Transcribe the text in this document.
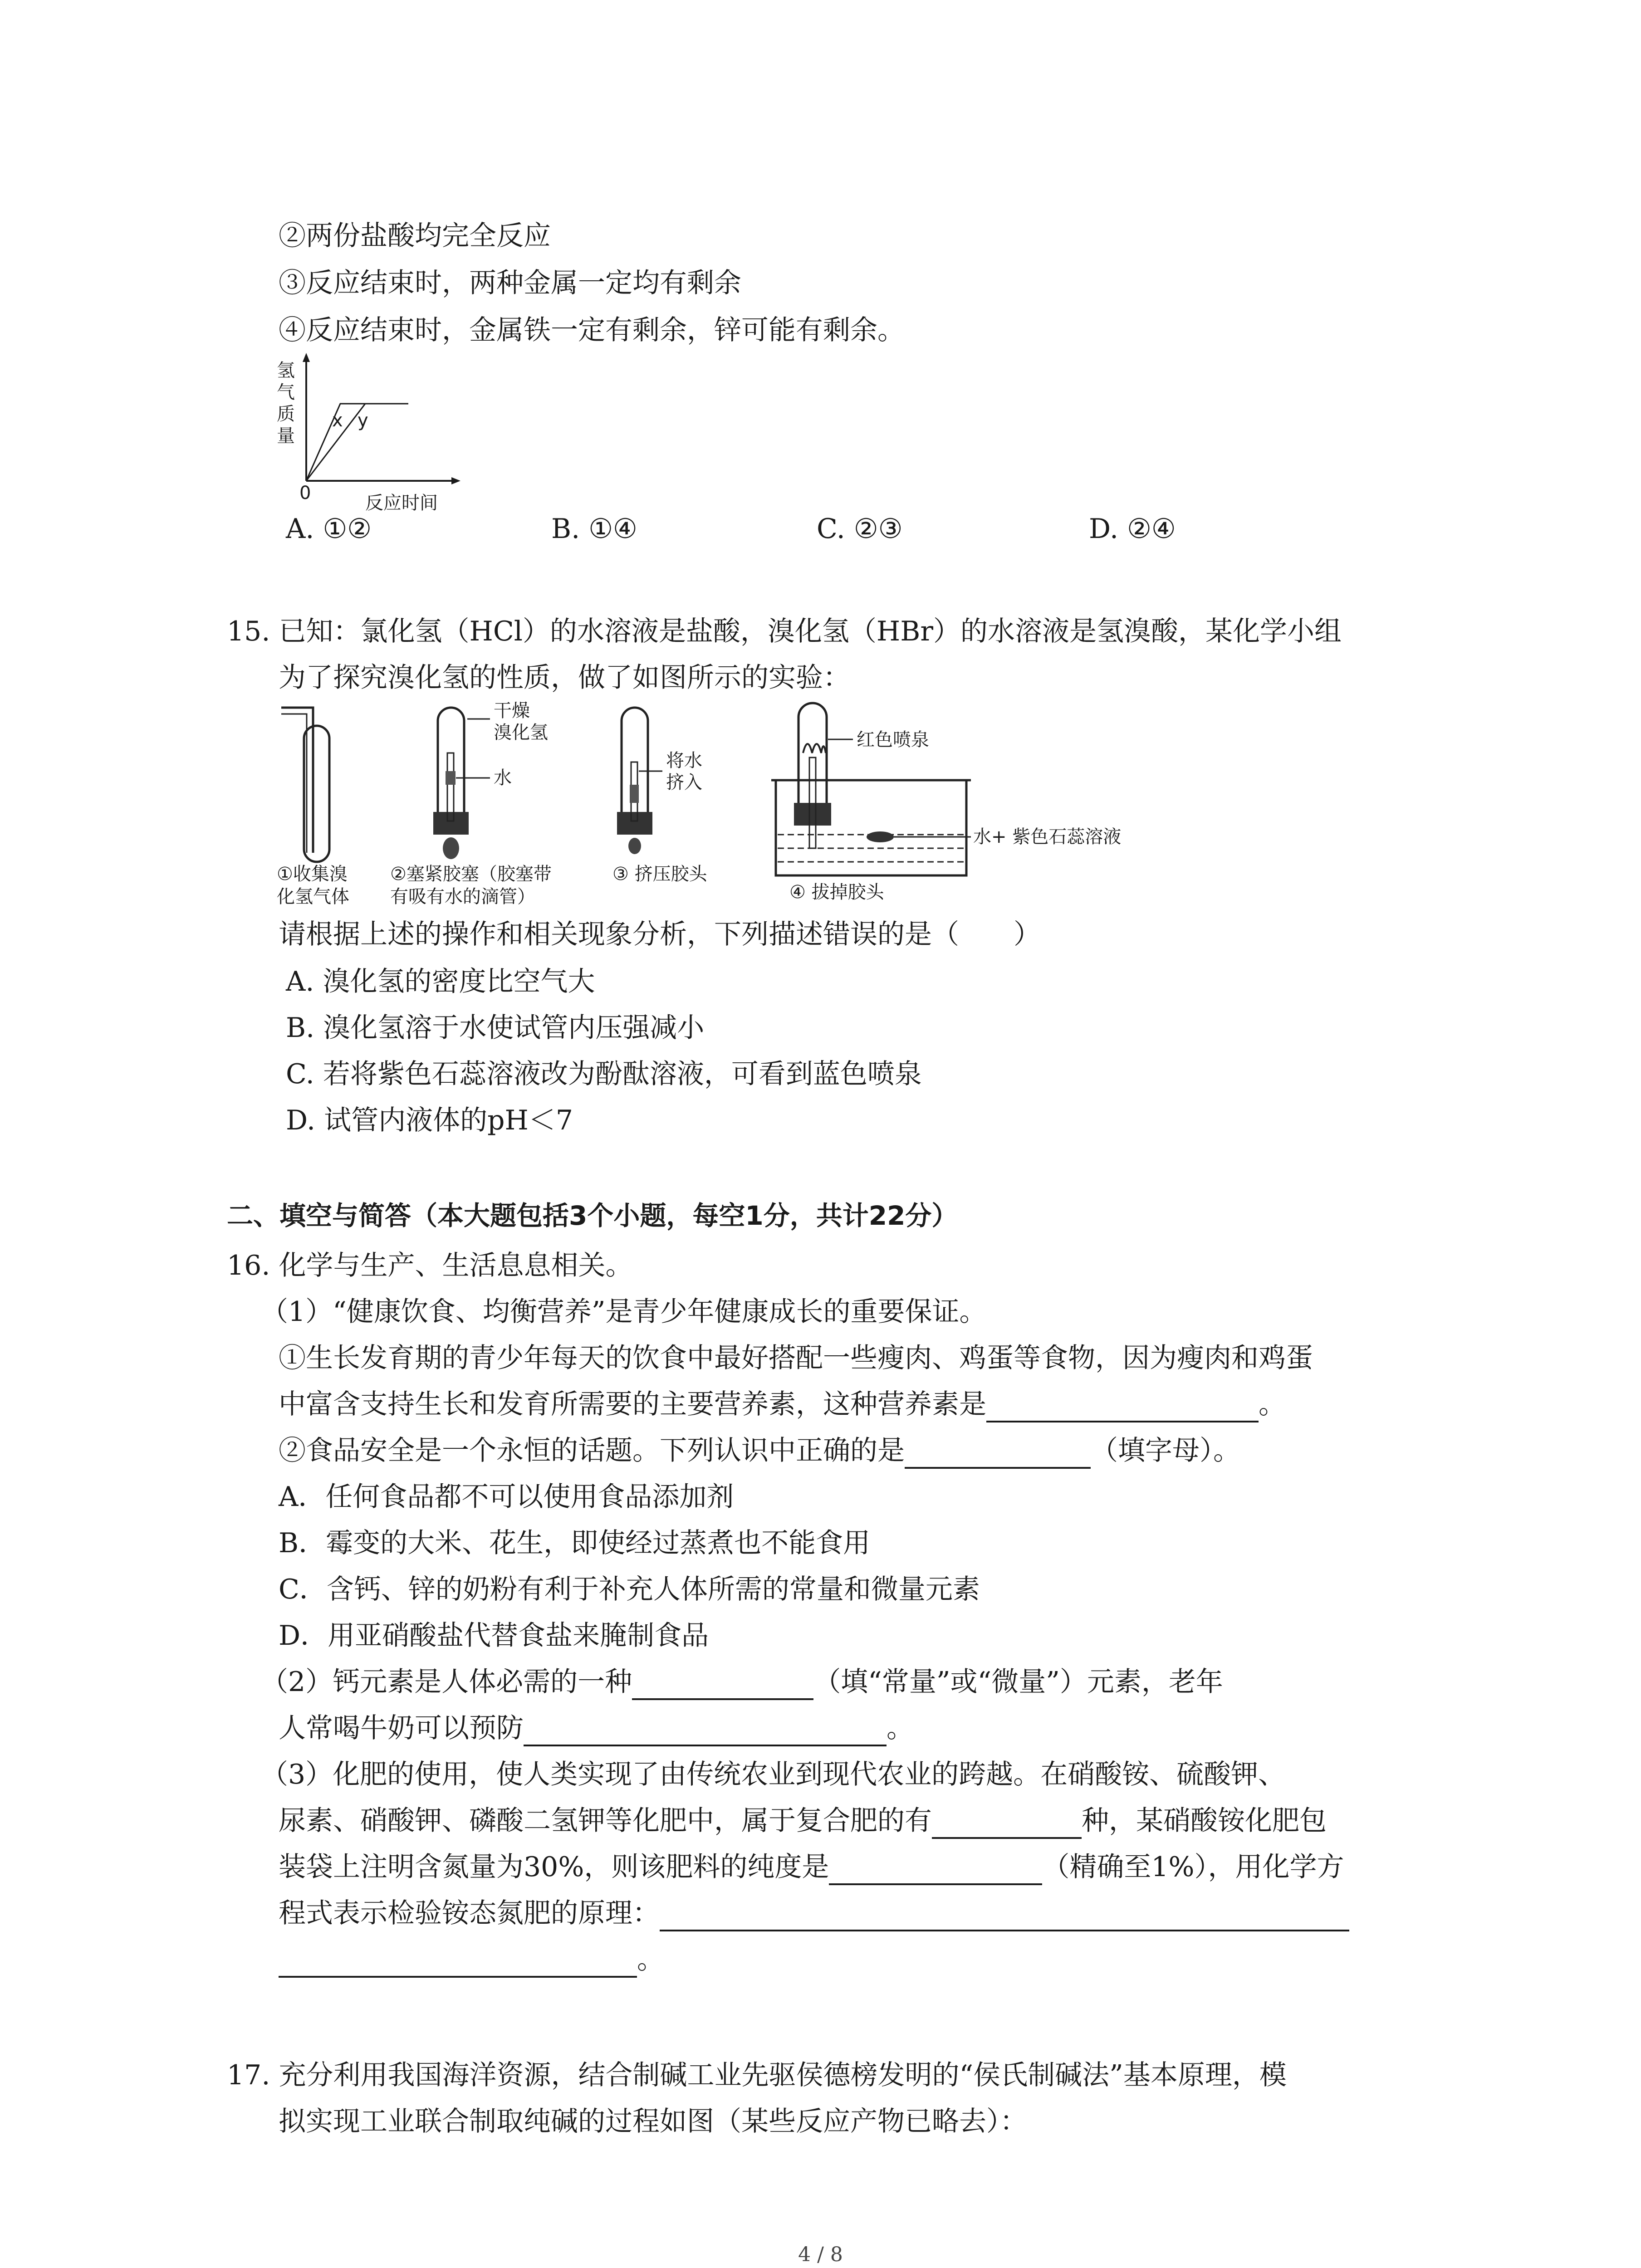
②两份盐酸均完全反应
③反应结束时，两种金属一定均有剩余
④反应结束时，金属铁一定有剩余，锌可能有剩余。
氢
气
质
量
x y
0	反应时间
A. ①②	B. ①④	C. ②③	D. ②④
15. 已知：氯化氢（HCl）的水溶液是盐酸，溴化氢（HBr）的水溶液是氢溴酸，某化学小组
为了探究溴化氢的性质，做了如图所示的实验：
干燥
溴化氢
水
将水
挤入
红色喷泉
水+ 紫色石蕊溶液
①收集溴
化氢气体
②塞紧胶塞（胶塞带
有吸有水的滴管）
③ 挤压胶头
④ 拔掉胶头
请根据上述的操作和相关现象分析，下列描述错误的是（　　）
A. 溴化氢的密度比空气大
B. 溴化氢溶于水使试管内压强减小
C. 若将紫色石蕊溶液改为酚酞溶液，可看到蓝色喷泉
D. 试管内液体的pH＜7
二、填空与简答（本大题包括3个小题，每空1分，共计22分）
16. 化学与生产、生活息息相关。
（1）“健康饮食、均衡营养”是青少年健康成长的重要保证。
①生长发育期的青少年每天的饮食中最好搭配一些瘦肉、鸡蛋等食物，因为瘦肉和鸡蛋
中富含支持生长和发育所需要的主要营养素，这种营养素是	。
②食品安全是一个永恒的话题。下列认识中正确的是	（填字母）。
A．任何食品都不可以使用食品添加剂
B．霉变的大米、花生，即使经过蒸煮也不能食用
C．含钙、锌的奶粉有利于补充人体所需的常量和微量元素
D．用亚硝酸盐代替食盐来腌制食品
（2）钙元素是人体必需的一种	（填“常量”或“微量”）元素，老年
人常喝牛奶可以预防	。
（3）化肥的使用，使人类实现了由传统农业到现代农业的跨越。在硝酸铵、硫酸钾、
尿素、硝酸钾、磷酸二氢钾等化肥中，属于复合肥的有	种，某硝酸铵化肥包
装袋上注明含氮量为30%，则该肥料的纯度是	（精确至1%），用化学方
程式表示检验铵态氮肥的原理：
。
17. 充分利用我国海洋资源，结合制碱工业先驱侯德榜发明的“侯氏制碱法”基本原理，模
拟实现工业联合制取纯碱的过程如图（某些反应产物已略去）：
4 / 8
